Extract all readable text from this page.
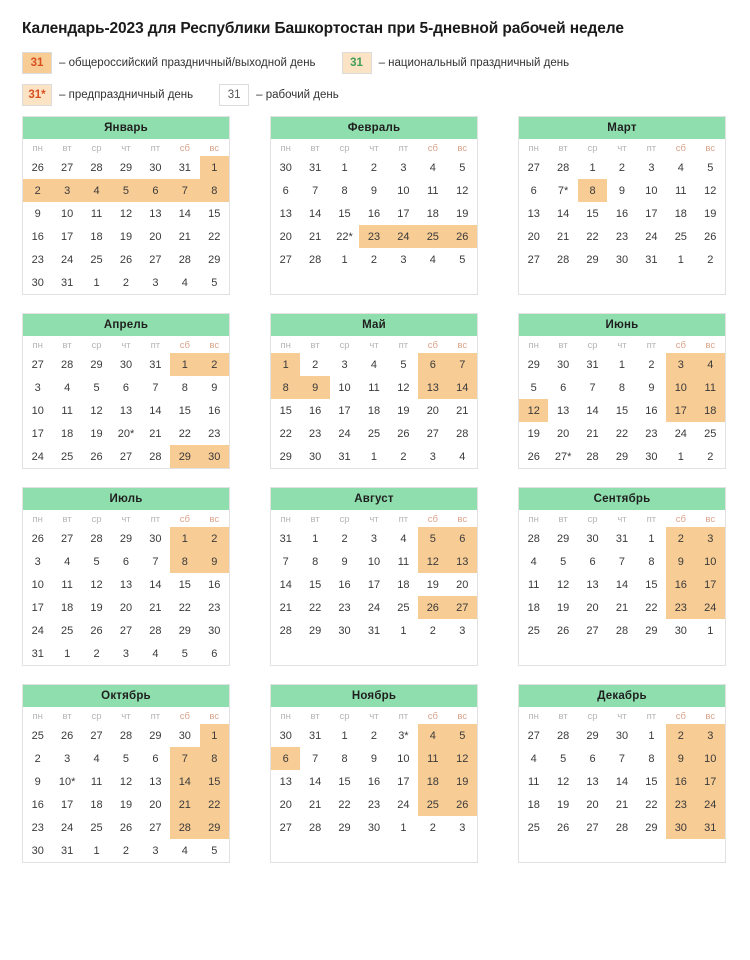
Календарь-2023 для Республики Башкортостан при 5-дневной рабочей неделе
31	– общероссийский праздничный/выходной день	31	– национальный праздничный день
31*	– предпраздничный день	31	– рабочий день
Январь
пн	вт	ср	чт	пт	сб	вс
26	27	28	29	30	31	1
2	3	4	5	6	7	8
9	10	11	12	13	14	15
16	17	18	19	20	21	22
23	24	25	26	27	28	29
30	31	1	2	3	4	5
Февраль
пн	вт	ср	чт	пт	сб	вс
30	31	1	2	3	4	5
6	7	8	9	10	11	12
13	14	15	16	17	18	19
20	21	22*	23	24	25	26
27	28	1	2	3	4	5
Март
пн	вт	ср	чт	пт	сб	вс
27	28	1	2	3	4	5
6	7*	8	9	10	11	12
13	14	15	16	17	18	19
20	21	22	23	24	25	26
27	28	29	30	31	1	2
Апрель
пн	вт	ср	чт	пт	сб	вс
27	28	29	30	31	1	2
3	4	5	6	7	8	9
10	11	12	13	14	15	16
17	18	19	20*	21	22	23
24	25	26	27	28	29	30
Май
пн	вт	ср	чт	пт	сб	вс
1	2	3	4	5	6	7
8	9	10	11	12	13	14
15	16	17	18	19	20	21
22	23	24	25	26	27	28
29	30	31	1	2	3	4
Июнь
пн	вт	ср	чт	пт	сб	вс
29	30	31	1	2	3	4
5	6	7	8	9	10	11
12	13	14	15	16	17	18
19	20	21	22	23	24	25
26	27*	28	29	30	1	2
Июль
пн	вт	ср	чт	пт	сб	вс
26	27	28	29	30	1	2
3	4	5	6	7	8	9
10	11	12	13	14	15	16
17	18	19	20	21	22	23
24	25	26	27	28	29	30
31	1	2	3	4	5	6
Август
пн	вт	ср	чт	пт	сб	вс
31	1	2	3	4	5	6
7	8	9	10	11	12	13
14	15	16	17	18	19	20
21	22	23	24	25	26	27
28	29	30	31	1	2	3
Сентябрь
пн	вт	ср	чт	пт	сб	вс
28	29	30	31	1	2	3
4	5	6	7	8	9	10
11	12	13	14	15	16	17
18	19	20	21	22	23	24
25	26	27	28	29	30	1
Октябрь
пн	вт	ср	чт	пт	сб	вс
25	26	27	28	29	30	1
2	3	4	5	6	7	8
9	10*	11	12	13	14	15
16	17	18	19	20	21	22
23	24	25	26	27	28	29
30	31	1	2	3	4	5
Ноябрь
пн	вт	ср	чт	пт	сб	вс
30	31	1	2	3*	4	5
6	7	8	9	10	11	12
13	14	15	16	17	18	19
20	21	22	23	24	25	26
27	28	29	30	1	2	3
Декабрь
пн	вт	ср	чт	пт	сб	вс
27	28	29	30	1	2	3
4	5	6	7	8	9	10
11	12	13	14	15	16	17
18	19	20	21	22	23	24
25	26	27	28	29	30	31
